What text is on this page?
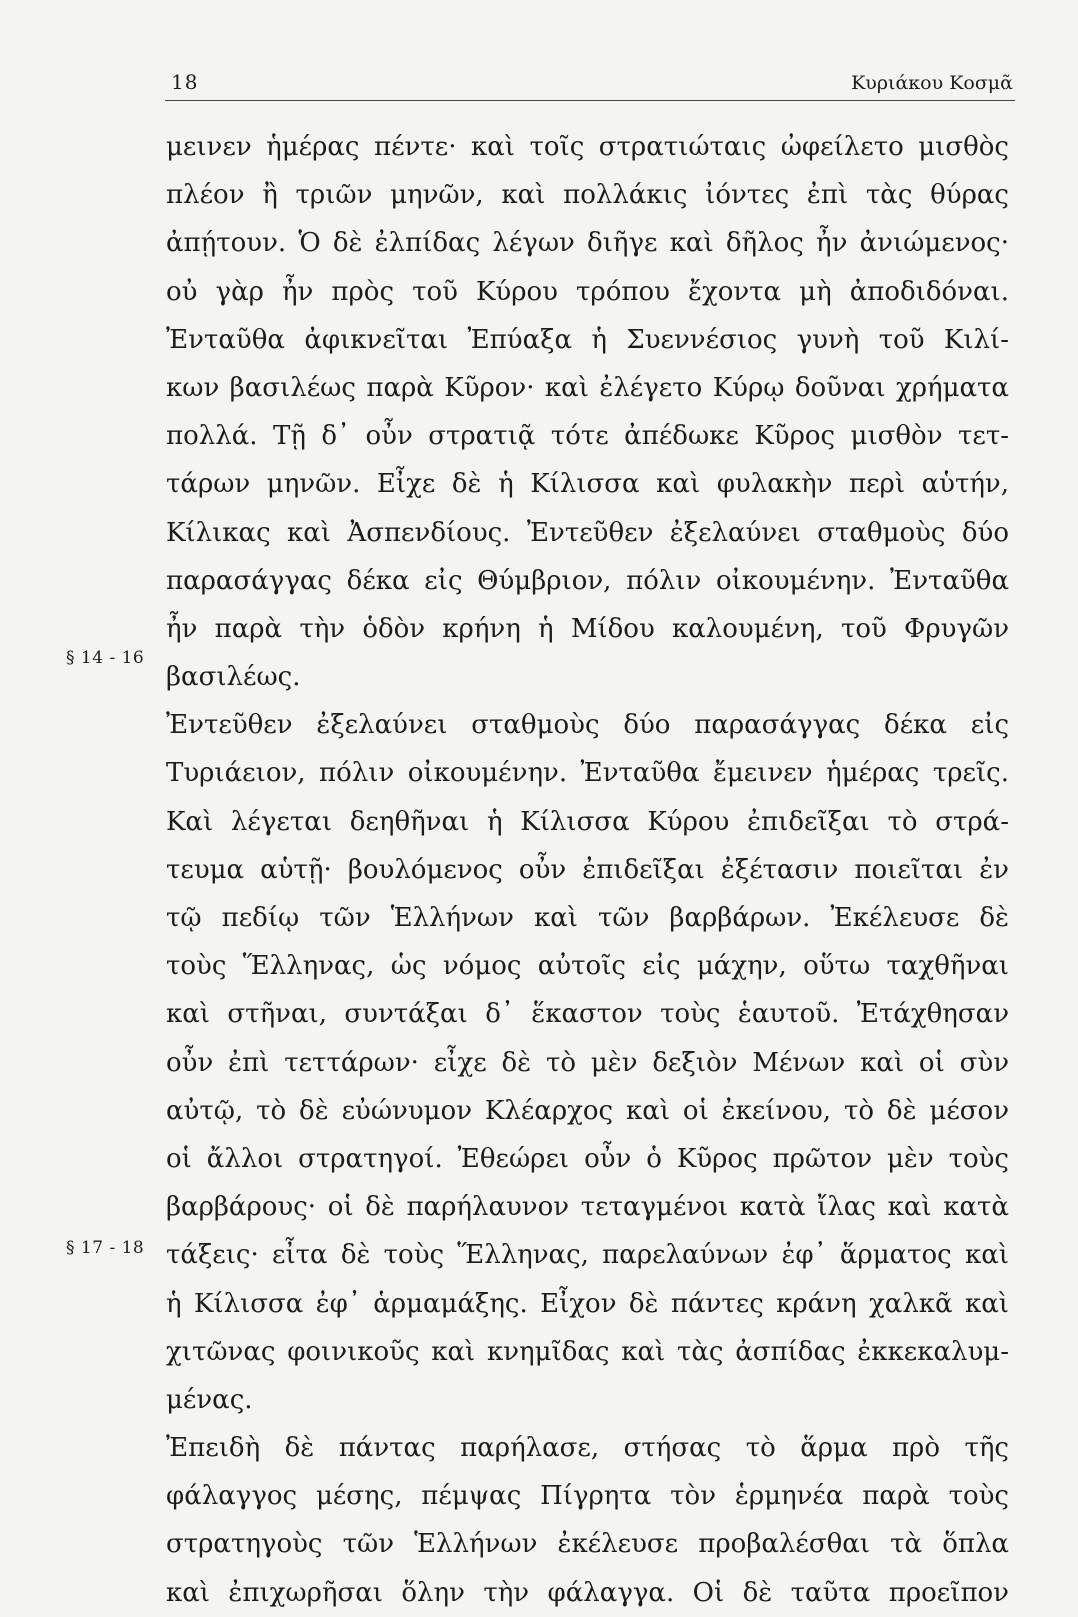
18	Κυριάκου Κοσμᾶ
§ 14 - 16
§ 17 - 18
μεινεν ἡμέρας πέντε· καὶ τοῖς στρατιώταις ὠφείλετο μισθὸς
πλέον ἢ τριῶν μηνῶν, καὶ πολλάκις ἰόντες ἐπὶ τὰς θύρας
ἀπῄτουν. Ὁ δὲ ἐλπίδας λέγων διῆγε καὶ δῆλος ἦν ἀνιώμενος·
οὐ γὰρ ἦν πρὸς τοῦ Κύρου τρόπου ἔχοντα μὴ ἀποδιδόναι.
Ἐνταῦθα ἀφικνεῖται Ἐπύαξα ἡ Συεννέσιος γυνὴ τοῦ Κιλί-
κων βασιλέως παρὰ Κῦρον· καὶ ἐλέγετο Κύρῳ δοῦναι χρήματα
πολλά. Τῇ δ᾽ οὖν στρατιᾷ τότε ἀπέδωκε Κῦρος μισθὸν τετ-
τάρων μηνῶν. Εἶχε δὲ ἡ Κίλισσα καὶ φυλακὴν περὶ αὑτήν,
Κίλικας καὶ Ἀσπενδίους. Ἐντεῦθεν ἐξελαύνει σταθμοὺς δύο
παρασάγγας δέκα εἰς Θύμβριον, πόλιν οἰκουμένην. Ἐνταῦθα
ἦν παρὰ τὴν ὁδὸν κρήνη ἡ Μίδου καλουμένη, τοῦ Φρυγῶν
βασιλέως.
Ἐντεῦθεν ἐξελαύνει σταθμοὺς δύο παρασάγγας δέκα εἰς
Τυριάειον, πόλιν οἰκουμένην. Ἐνταῦθα ἔμεινεν ἡμέρας τρεῖς.
Καὶ λέγεται δεηθῆναι ἡ Κίλισσα Κύρου ἐπιδεῖξαι τὸ στρά-
τευμα αὑτῇ· βουλόμενος οὖν ἐπιδεῖξαι ἐξέτασιν ποιεῖται ἐν
τῷ πεδίῳ τῶν Ἑλλήνων καὶ τῶν βαρβάρων. Ἐκέλευσε δὲ
τοὺς Ἕλληνας, ὡς νόμος αὐτοῖς εἰς μάχην, οὕτω ταχθῆναι
καὶ στῆναι, συντάξαι δ᾽ ἕκαστον τοὺς ἑαυτοῦ. Ἐτάχθησαν
οὖν ἐπὶ τεττάρων· εἶχε δὲ τὸ μὲν δεξιὸν Μένων καὶ οἱ σὺν
αὐτῷ, τὸ δὲ εὐώνυμον Κλέαρχος καὶ οἱ ἐκείνου, τὸ δὲ μέσον
οἱ ἄλλοι στρατηγοί. Ἐθεώρει οὖν ὁ Κῦρος πρῶτον μὲν τοὺς
βαρβάρους· οἱ δὲ παρήλαυνον τεταγμένοι κατὰ ἴλας καὶ κατὰ
τάξεις· εἶτα δὲ τοὺς Ἕλληνας, παρελαύνων ἐφ᾽ ἅρματος καὶ
ἡ Κίλισσα ἐφ᾽ ἁρμαμάξης. Εἶχον δὲ πάντες κράνη χαλκᾶ καὶ
χιτῶνας φοινικοῦς καὶ κνημῖδας καὶ τὰς ἀσπίδας ἐκκεκαλυμ-
μένας.
Ἐπειδὴ δὲ πάντας παρήλασε, στήσας τὸ ἅρμα πρὸ τῆς
φάλαγγος μέσης, πέμψας Πίγρητα τὸν ἑρμηνέα παρὰ τοὺς
στρατηγοὺς τῶν Ἑλλήνων ἐκέλευσε προβαλέσθαι τὰ ὅπλα
καὶ ἐπιχωρῆσαι ὅλην τὴν φάλαγγα. Οἱ δὲ ταῦτα προεῖπον
